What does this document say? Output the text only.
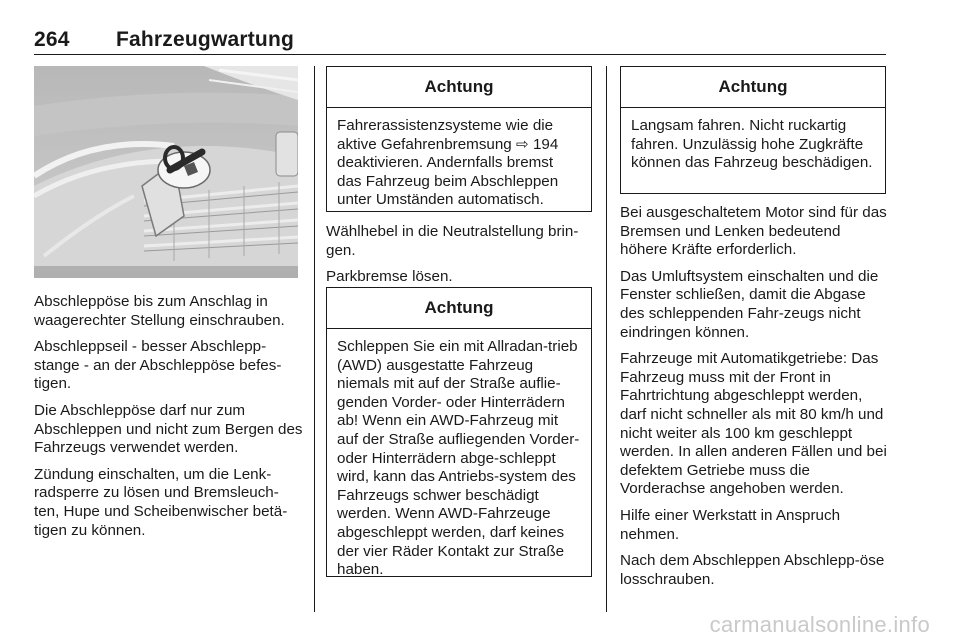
264 Fahrzeugwartung

Abschleppöse bis zum Anschlag in waagerechter Stellung einschrauben.

Abschleppseil - besser Abschlepp-stange - an der Abschleppöse befes-tigen.

Die Abschleppöse darf nur zum Abschleppen und nicht zum Bergen des Fahrzeugs verwendet werden.

Zündung einschalten, um die Lenk-radsperre zu lösen und Bremsleuch-ten, Hupe und Scheibenwischer betä-tigen zu können.

Achtung
Fahrerassistenzsysteme wie die aktive Gefahrenbremsung ⇨ 194 deaktivieren. Andernfalls bremst das Fahrzeug beim Abschleppen unter Umständen automatisch.

Wählhebel in die Neutralstellung brin-gen.

Parkbremse lösen.

Achtung
Schleppen Sie ein mit Allradan-trieb (AWD) ausgestatte Fahrzeug niemals mit auf der Straße auflie-genden Vorder- oder Hinterrädern ab! Wenn ein AWD-Fahrzeug mit auf der Straße aufliegenden Vorder- oder Hinterrädern abge-schleppt wird, kann das Antriebs-system des Fahrzeugs schwer beschädigt werden. Wenn AWD-Fahrzeuge abgeschleppt werden, darf keines der vier Räder Kontakt zur Straße haben.
Achtung
Langsam fahren. Nicht ruckartig fahren. Unzulässig hohe Zugkräfte können das Fahrzeug beschädigen.

Bei ausgeschaltetem Motor sind für das Bremsen und Lenken bedeutend höhere Kräfte erforderlich.

Das Umluftsystem einschalten und die Fenster schließen, damit die Abgase des schleppenden Fahr-zeugs nicht eindringen können.

Fahrzeuge mit Automatikgetriebe: Das Fahrzeug muss mit der Front in Fahrtrichtung abgeschleppt werden, darf nicht schneller als mit 80 km/h und nicht weiter als 100 km geschleppt werden. In allen anderen Fällen und bei defektem Getriebe muss die Vorderachse angehoben werden.

Hilfe einer Werkstatt in Anspruch nehmen.

Nach dem Abschleppen Abschlepp-öse losschrauben.

carmanualsonline.info
